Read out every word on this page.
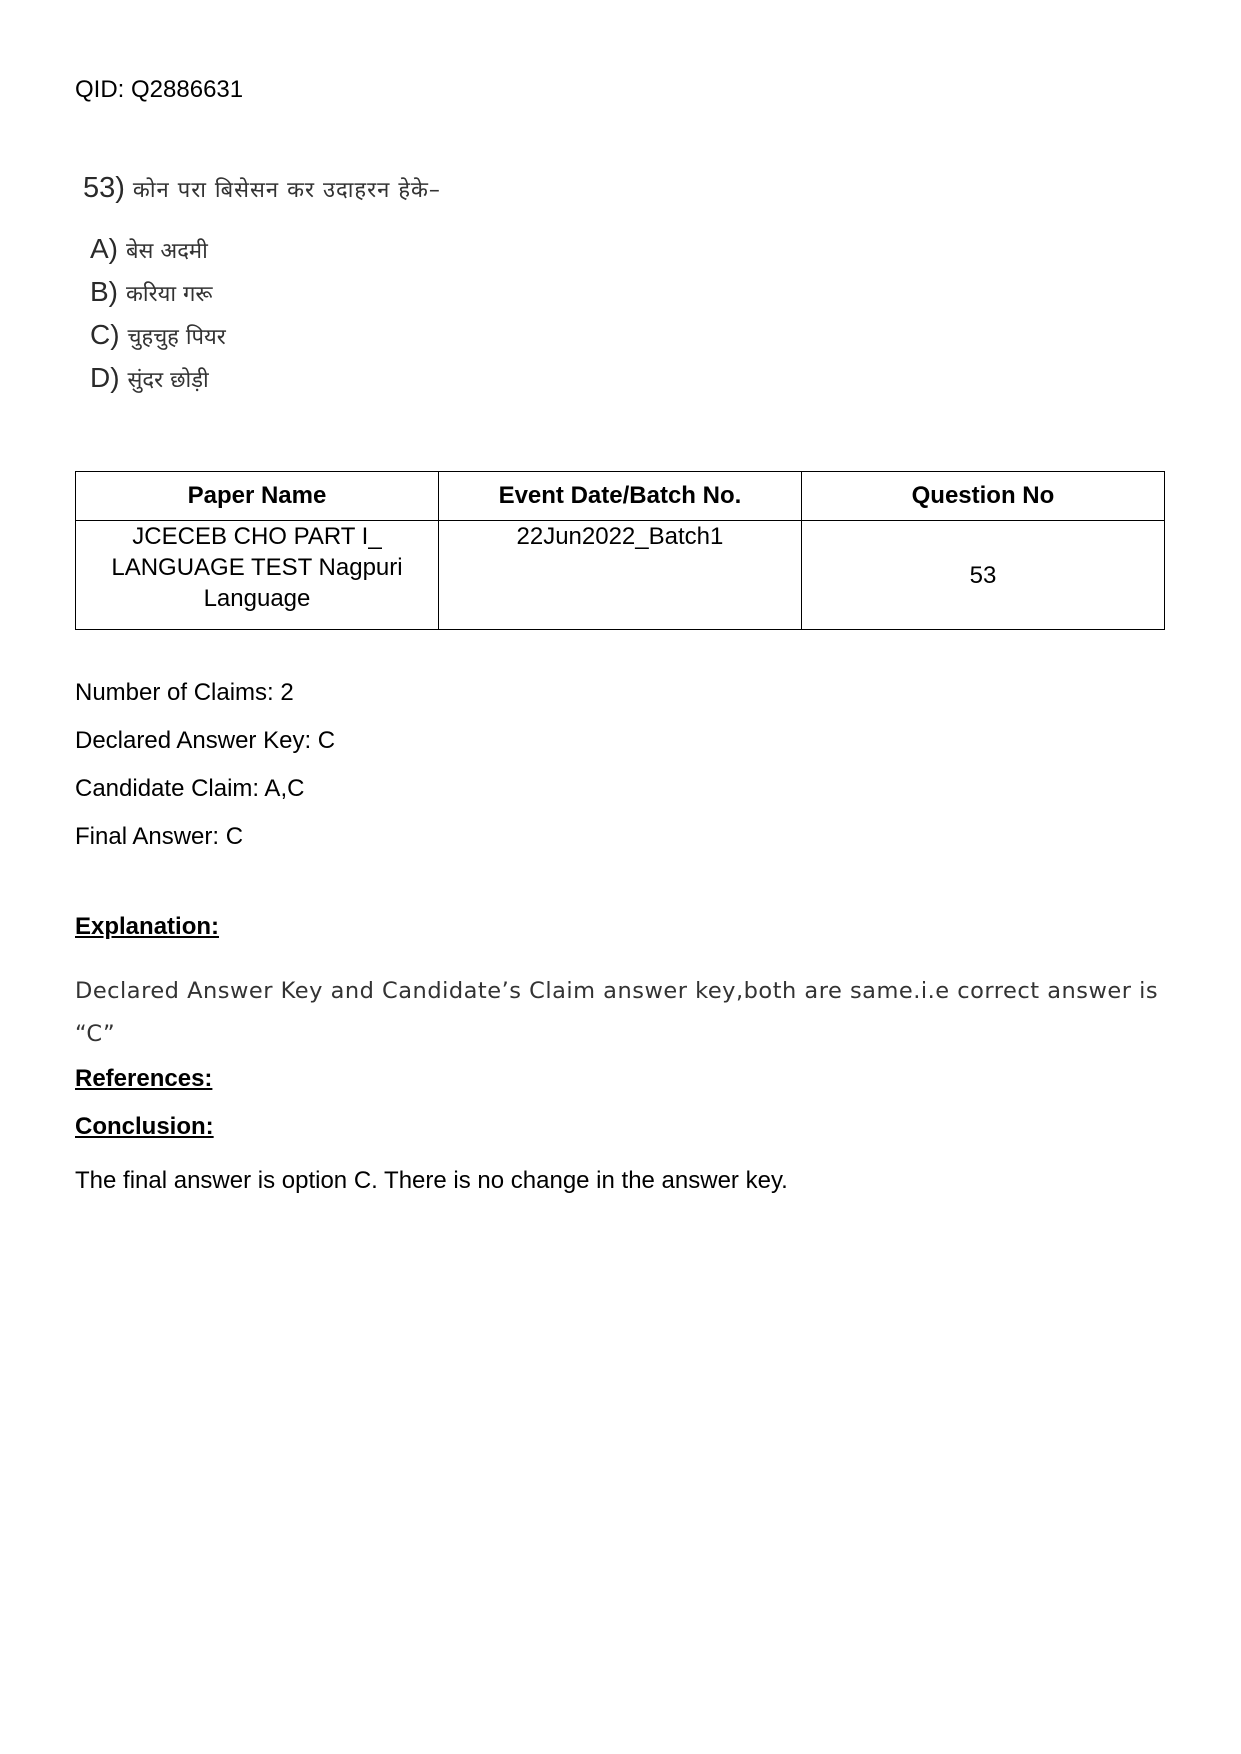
QID: Q2886631
53) कोन परा बिसेसन कर उदाहरन हेके–
A) बेस अदमी
B) करिया गरू
C) चुहचुह पियर
D) सुंदर छोड़ी
Paper Name	Event Date/Batch No.	Question No

JCECEB CHO PART I_
LANGUAGE TEST Nagpuri
Language	22Jun2022_Batch1	53
Number of Claims: 2
Declared Answer Key: C
Candidate Claim: A,C
Final Answer: C
Explanation:
Declared Answer Key and Candidate’s Claim answer key,both are same.i.e correct answer is “C”
References:
Conclusion:
The final answer is option C. There is no change in the answer key.
